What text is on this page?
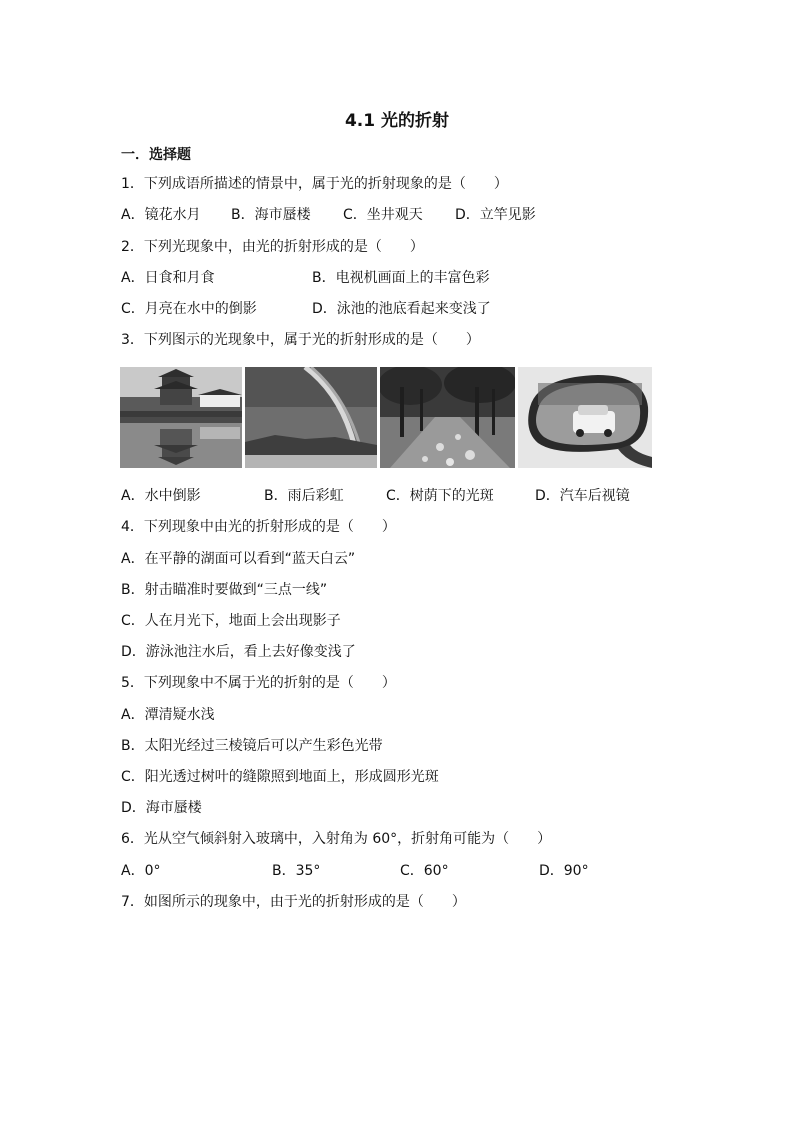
4.1 光的折射
一．选择题
1．下列成语所描述的情景中，属于光的折射现象的是（　　）
A．镜花水月 B．海市蜃楼 C．坐井观天 D．立竿见影
2．下列光现象中，由光的折射形成的是（　　）
A．日食和月食	B．电视机画面上的丰富色彩
C．月亮在水中的倒影	D．泳池的池底看起来变浅了
3．下列图示的光现象中，属于光的折射形成的是（　　）
A．水中倒影	B．雨后彩虹	C．树荫下的光斑	D．汽车后视镜
4．下列现象中由光的折射形成的是（　　）
A．在平静的湖面可以看到“蓝天白云”
B．射击瞄准时要做到“三点一线”
C．人在月光下，地面上会出现影子
D．游泳池注水后，看上去好像变浅了
5．下列现象中不属于光的折射的是（　　）
A．潭清疑水浅
B．太阳光经过三棱镜后可以产生彩色光带
C．阳光透过树叶的缝隙照到地面上，形成圆形光斑
D．海市蜃楼
6．光从空气倾斜射入玻璃中，入射角为 60°，折射角可能为（　　）
A．0°	B．35°	C．60°	D．90°
7．如图所示的现象中，由于光的折射形成的是（　　）
